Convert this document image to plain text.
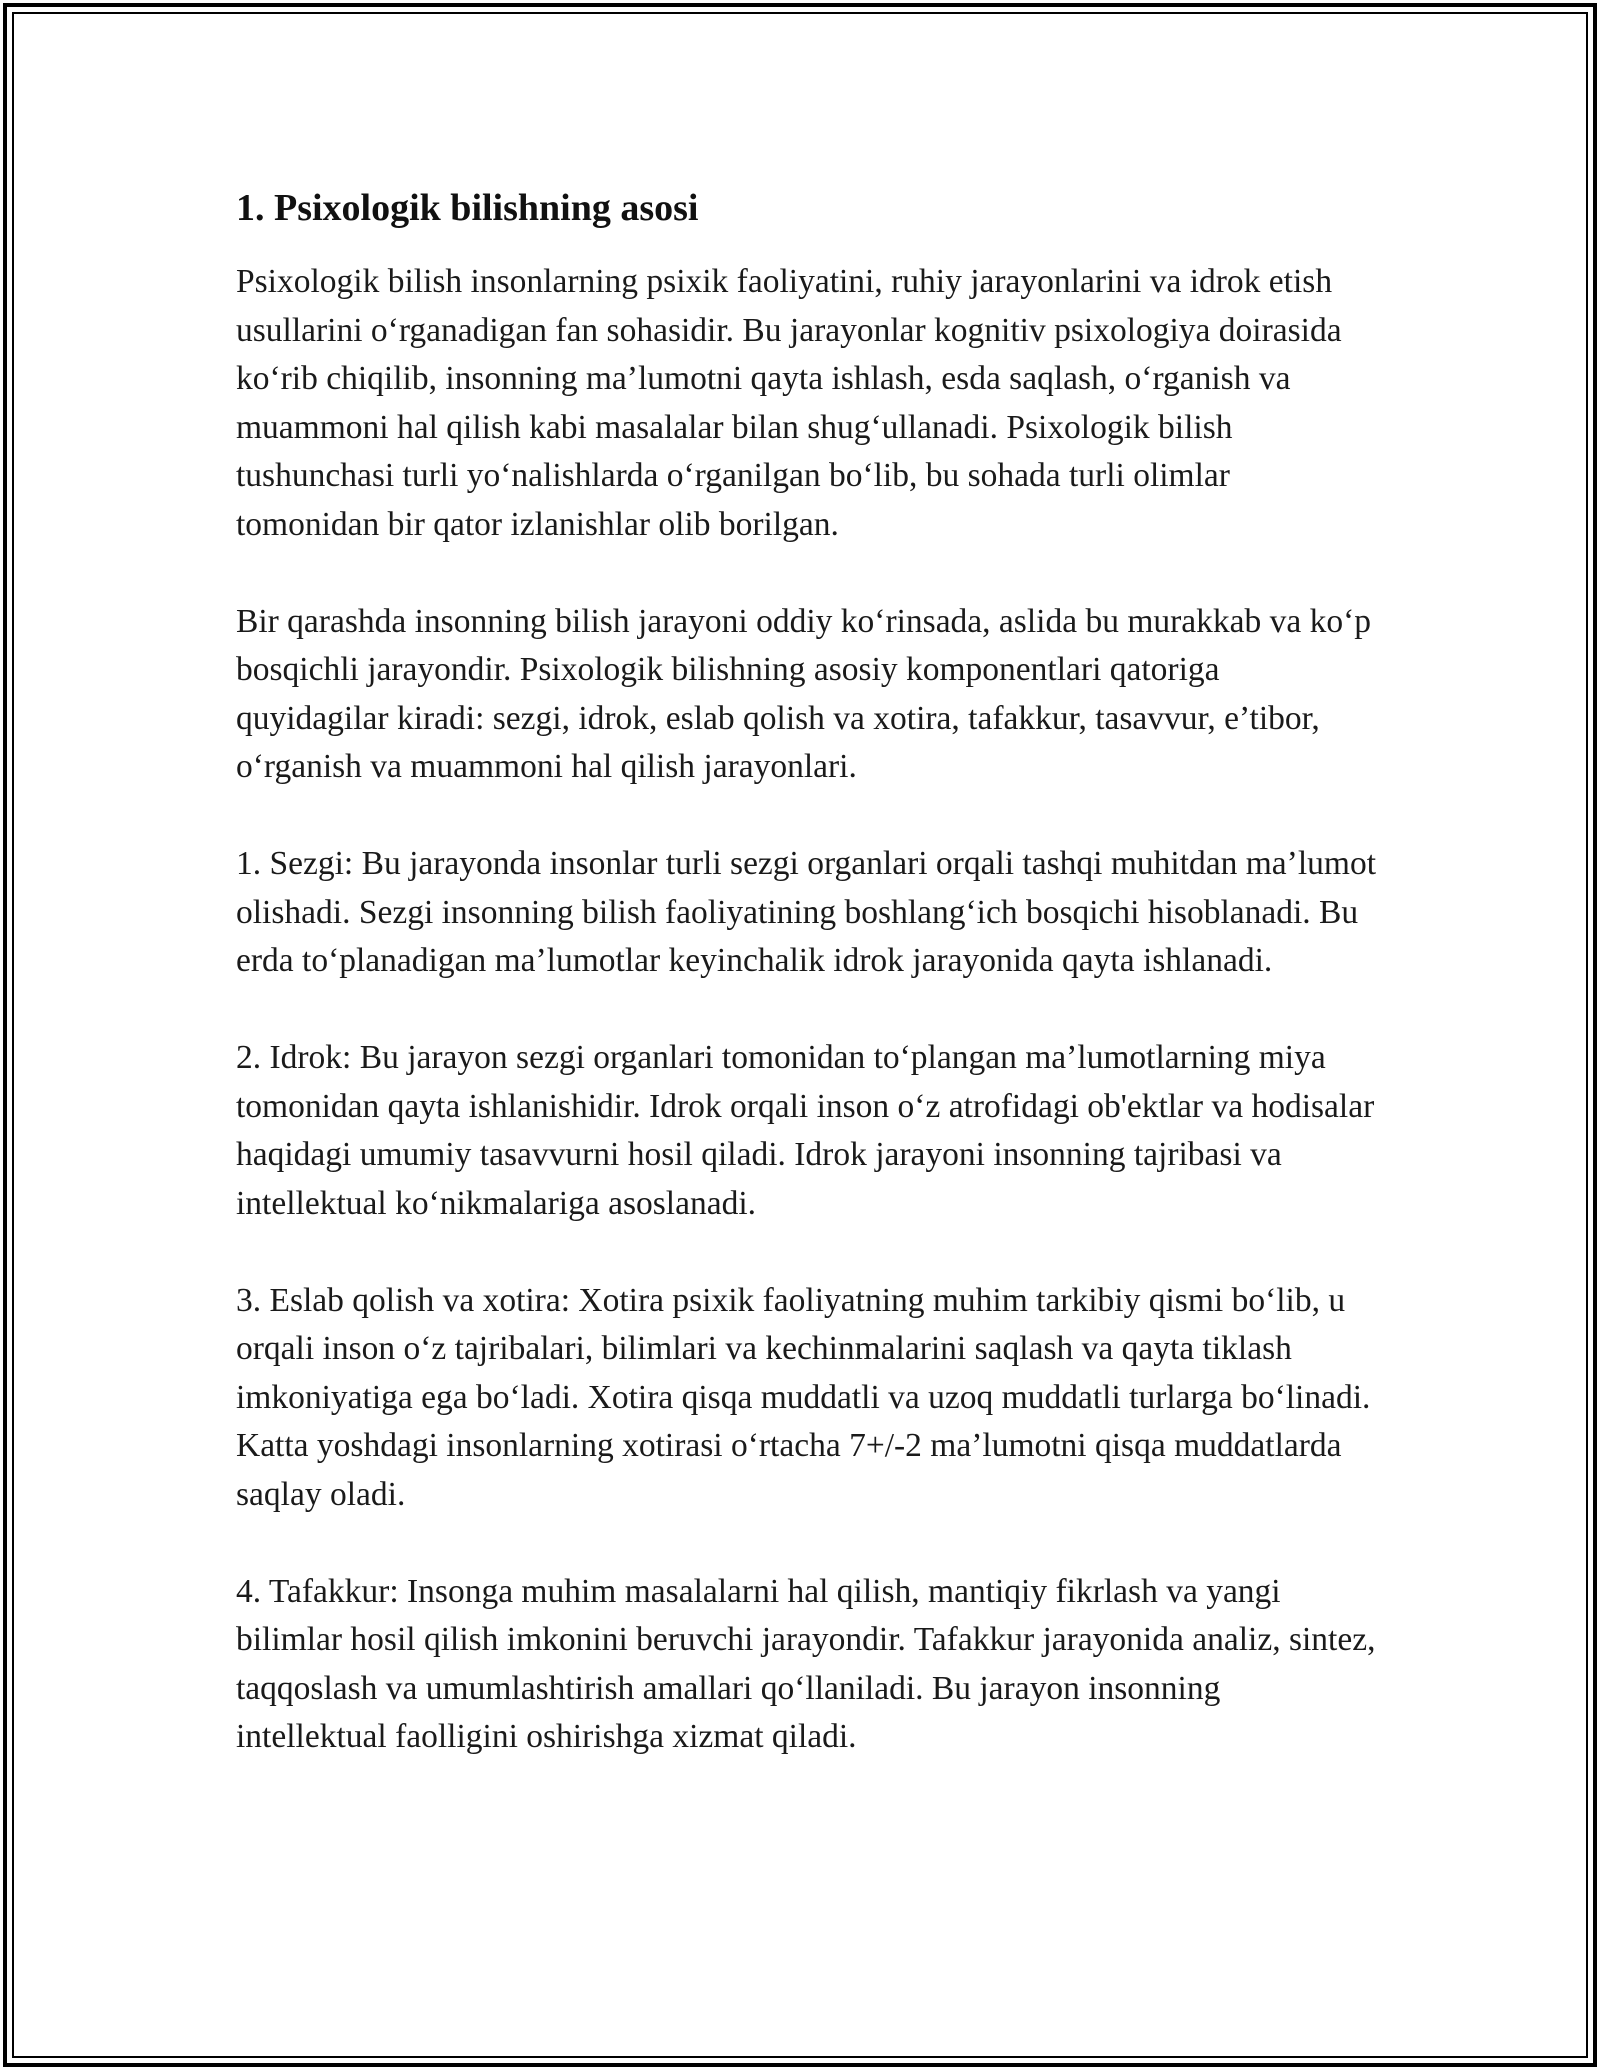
1. Psixologik bilishning asosi

Psixologik bilish insonlarning psixik faoliyatini, ruhiy jarayonlarini va idrok etish usullarini o‘rganadigan fan sohasidir. Bu jarayonlar kognitiv psixologiya doirasida ko‘rib chiqilib, insonning ma’lumotni qayta ishlash, esda saqlash, o‘rganish va muammoni hal qilish kabi masalalar bilan shug‘ullanadi. Psixologik bilish tushunchasi turli yo‘nalishlarda o‘rganilgan bo‘lib, bu sohada turli olimlar tomonidan bir qator izlanishlar olib borilgan.

Bir qarashda insonning bilish jarayoni oddiy ko‘rinsada, aslida bu murakkab va ko‘p bosqichli jarayondir. Psixologik bilishning asosiy komponentlari qatoriga quyidagilar kiradi: sezgi, idrok, eslab qolish va xotira, tafakkur, tasavvur, e’tibor, o‘rganish va muammoni hal qilish jarayonlari.

1. Sezgi: Bu jarayonda insonlar turli sezgi organlari orqali tashqi muhitdan ma’lumot olishadi. Sezgi insonning bilish faoliyatining boshlang‘ich bosqichi hisoblanadi. Bu erda to‘planadigan ma’lumotlar keyinchalik idrok jarayonida qayta ishlanadi.

2. Idrok: Bu jarayon sezgi organlari tomonidan to‘plangan ma’lumotlarning miya tomonidan qayta ishlanishidir. Idrok orqali inson o‘z atrofidagi ob'ektlar va hodisalar haqidagi umumiy tasavvurni hosil qiladi. Idrok jarayoni insonning tajribasi va intellektual ko‘nikmalariga asoslanadi.

3. Eslab qolish va xotira: Xotira psixik faoliyatning muhim tarkibiy qismi bo‘lib, u orqali inson o‘z tajribalari, bilimlari va kechinmalarini saqlash va qayta tiklash imkoniyatiga ega bo‘ladi. Xotira qisqa muddatli va uzoq muddatli turlarga bo‘linadi. Katta yoshdagi insonlarning xotirasi o‘rtacha 7+/-2 ma’lumotni qisqa muddatlarda saqlay oladi.

4. Tafakkur: Insonga muhim masalalarni hal qilish, mantiqiy fikrlash va yangi bilimlar hosil qilish imkonini beruvchi jarayondir. Tafakkur jarayonida analiz, sintez, taqqoslash va umumlashtirish amallari qo‘llaniladi. Bu jarayon insonning intellektual faolligini oshirishga xizmat qiladi.
